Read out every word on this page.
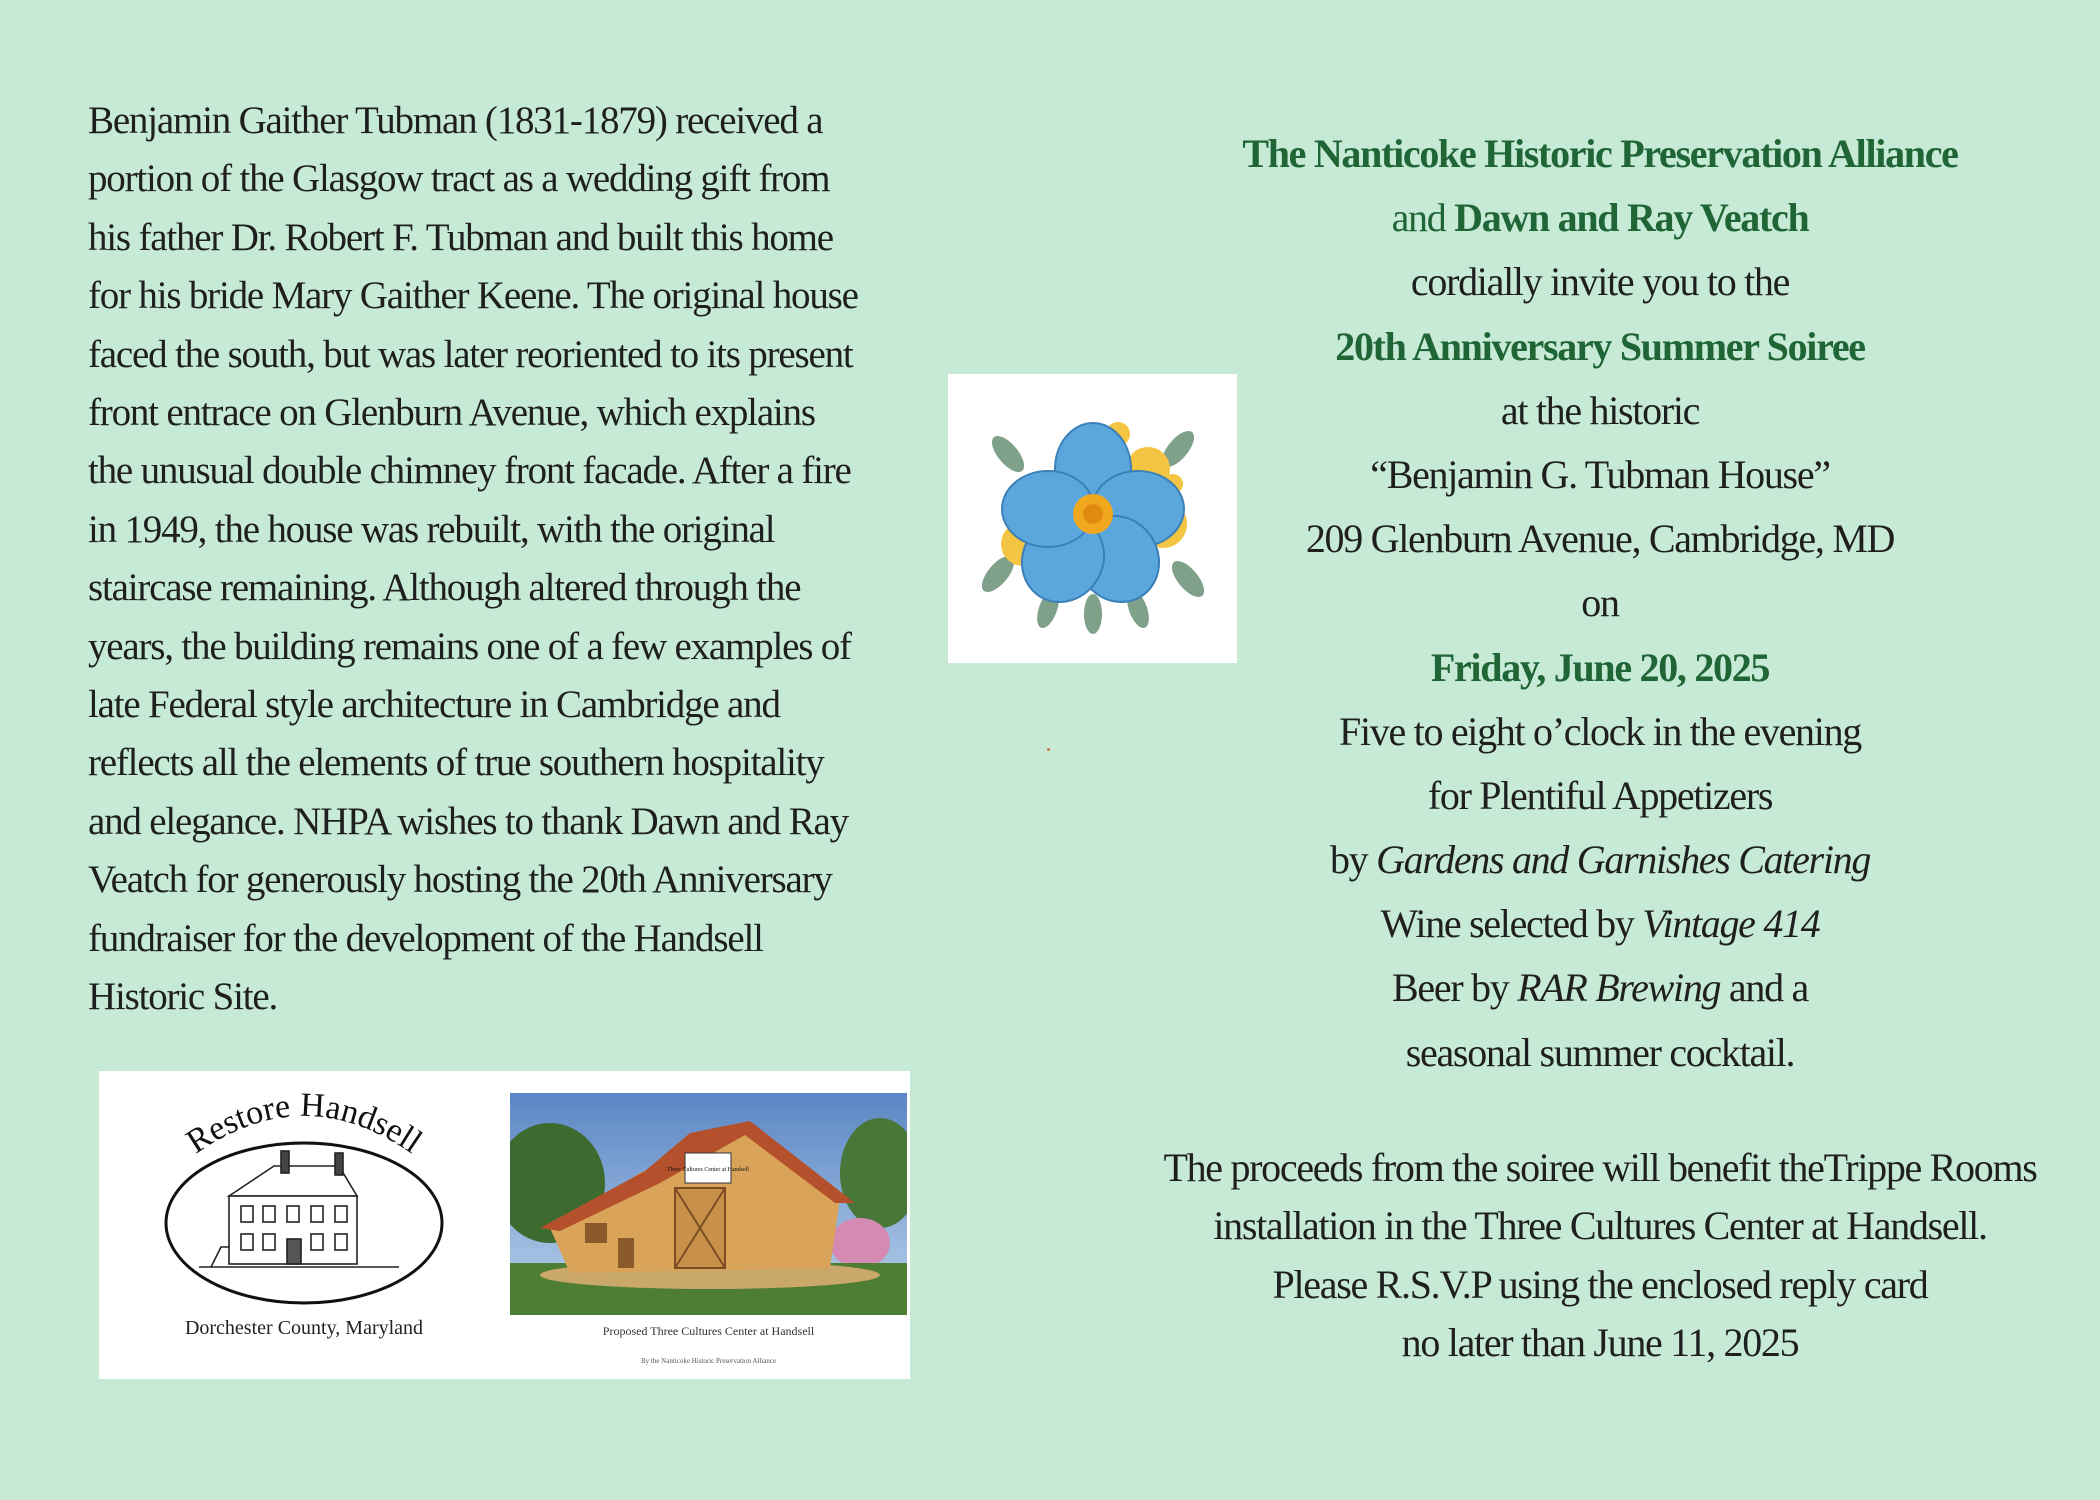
Benjamin Gaither Tubman (1831-1879) received a
portion of the Glasgow tract as a wedding gift from
his father Dr. Robert F. Tubman and built this home
for his bride Mary Gaither Keene. The original house
faced the south, but was later reoriented to its present
front entrace on Glenburn Avenue, which explains
the unusual double chimney front facade. After a fire
in 1949, the house was rebuilt, with the original
staircase remaining. Although altered through the
years, the building remains one of a few examples of
late Federal style architecture in Cambridge and
reflects all the elements of true southern hospitality
and elegance. NHPA wishes to thank Dawn and Ray
Veatch for generously hosting the 20th Anniversary
fundraiser for the development of the Handsell
Historic Site.

Restore Handsell
Dorchester County, Maryland
Three Cultures Center at Handsell
Proposed Three Cultures Center at Handsell
By the Nanticoke Historic Preservation Alliance
The Nanticoke Historic Preservation Alliance
and Dawn and Ray Veatch
cordially invite you to the
20th Anniversary Summer Soiree
at the historic
“Benjamin G. Tubman House”
209 Glenburn Avenue, Cambridge, MD
on
Friday, June 20, 2025
Five to eight o’clock in the evening
for Plentiful Appetizers
by Gardens and Garnishes Catering
Wine selected by Vintage 414
Beer by RAR Brewing and a
seasonal summer cocktail.
The proceeds from the soiree will benefit theTrippe Rooms
installation in the Three Cultures Center at Handsell.
Please R.S.V.P using the enclosed reply card
no later than June 11, 2025
